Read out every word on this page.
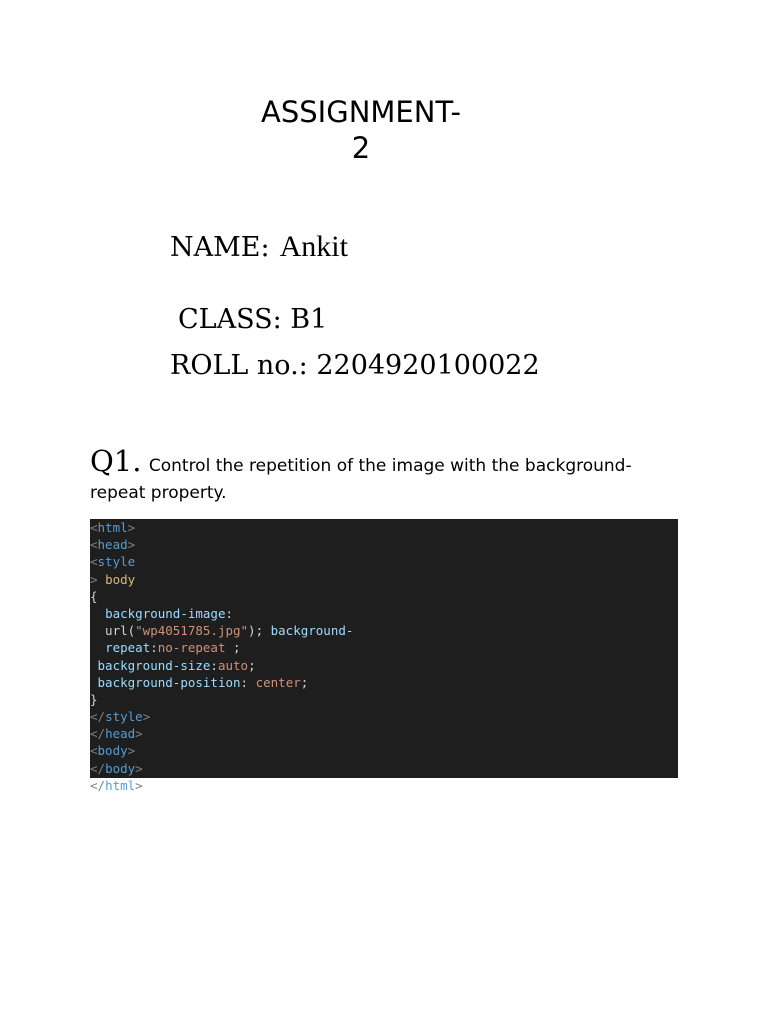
ASSIGNMENT-
2

NAME: Ankit

CLASS: B1

ROLL no.: 2204920100022

Q1. Control the repetition of the image with the background-repeat property.

<html>
<head>
<style
> body
{
background-image:
url("wp4051785.jpg"); background-
repeat:no-repeat ;
background-size:auto;
background-position: center;
}
</style>
</head>
<body>
</body>
</html>
